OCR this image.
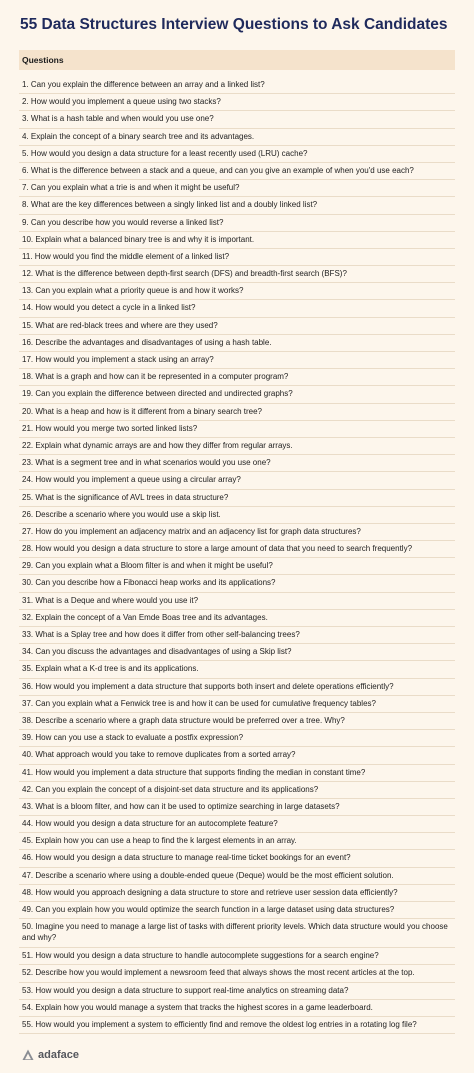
55 Data Structures Interview Questions to Ask Candidates
Questions
1. Can you explain the difference between an array and a linked list?
2. How would you implement a queue using two stacks?
3. What is a hash table and when would you use one?
4. Explain the concept of a binary search tree and its advantages.
5. How would you design a data structure for a least recently used (LRU) cache?
6. What is the difference between a stack and a queue, and can you give an example of when you'd use each?
7. Can you explain what a trie is and when it might be useful?
8. What are the key differences between a singly linked list and a doubly linked list?
9. Can you describe how you would reverse a linked list?
10. Explain what a balanced binary tree is and why it is important.
11. How would you find the middle element of a linked list?
12. What is the difference between depth-first search (DFS) and breadth-first search (BFS)?
13. Can you explain what a priority queue is and how it works?
14. How would you detect a cycle in a linked list?
15. What are red-black trees and where are they used?
16. Describe the advantages and disadvantages of using a hash table.
17. How would you implement a stack using an array?
18. What is a graph and how can it be represented in a computer program?
19. Can you explain the difference between directed and undirected graphs?
20. What is a heap and how is it different from a binary search tree?
21. How would you merge two sorted linked lists?
22. Explain what dynamic arrays are and how they differ from regular arrays.
23. What is a segment tree and in what scenarios would you use one?
24. How would you implement a queue using a circular array?
25. What is the significance of AVL trees in data structure?
26. Describe a scenario where you would use a skip list.
27. How do you implement an adjacency matrix and an adjacency list for graph data structures?
28. How would you design a data structure to store a large amount of data that you need to search frequently?
29. Can you explain what a Bloom filter is and when it might be useful?
30. Can you describe how a Fibonacci heap works and its applications?
31. What is a Deque and where would you use it?
32. Explain the concept of a Van Emde Boas tree and its advantages.
33. What is a Splay tree and how does it differ from other self-balancing trees?
34. Can you discuss the advantages and disadvantages of using a Skip list?
35. Explain what a K-d tree is and its applications.
36. How would you implement a data structure that supports both insert and delete operations efficiently?
37. Can you explain what a Fenwick tree is and how it can be used for cumulative frequency tables?
38. Describe a scenario where a graph data structure would be preferred over a tree. Why?
39. How can you use a stack to evaluate a postfix expression?
40. What approach would you take to remove duplicates from a sorted array?
41. How would you implement a data structure that supports finding the median in constant time?
42. Can you explain the concept of a disjoint-set data structure and its applications?
43. What is a bloom filter, and how can it be used to optimize searching in large datasets?
44. How would you design a data structure for an autocomplete feature?
45. Explain how you can use a heap to find the k largest elements in an array.
46. How would you design a data structure to manage real-time ticket bookings for an event?
47. Describe a scenario where using a double-ended queue (Deque) would be the most efficient solution.
48. How would you approach designing a data structure to store and retrieve user session data efficiently?
49. Can you explain how you would optimize the search function in a large dataset using data structures?
50. Imagine you need to manage a large list of tasks with different priority levels. Which data structure would you choose and why?
51. How would you design a data structure to handle autocomplete suggestions for a search engine?
52. Describe how you would implement a newsroom feed that always shows the most recent articles at the top.
53. How would you design a data structure to support real-time analytics on streaming data?
54. Explain how you would manage a system that tracks the highest scores in a game leaderboard.
55. How would you implement a system to efficiently find and remove the oldest log entries in a rotating log file?
adaface
